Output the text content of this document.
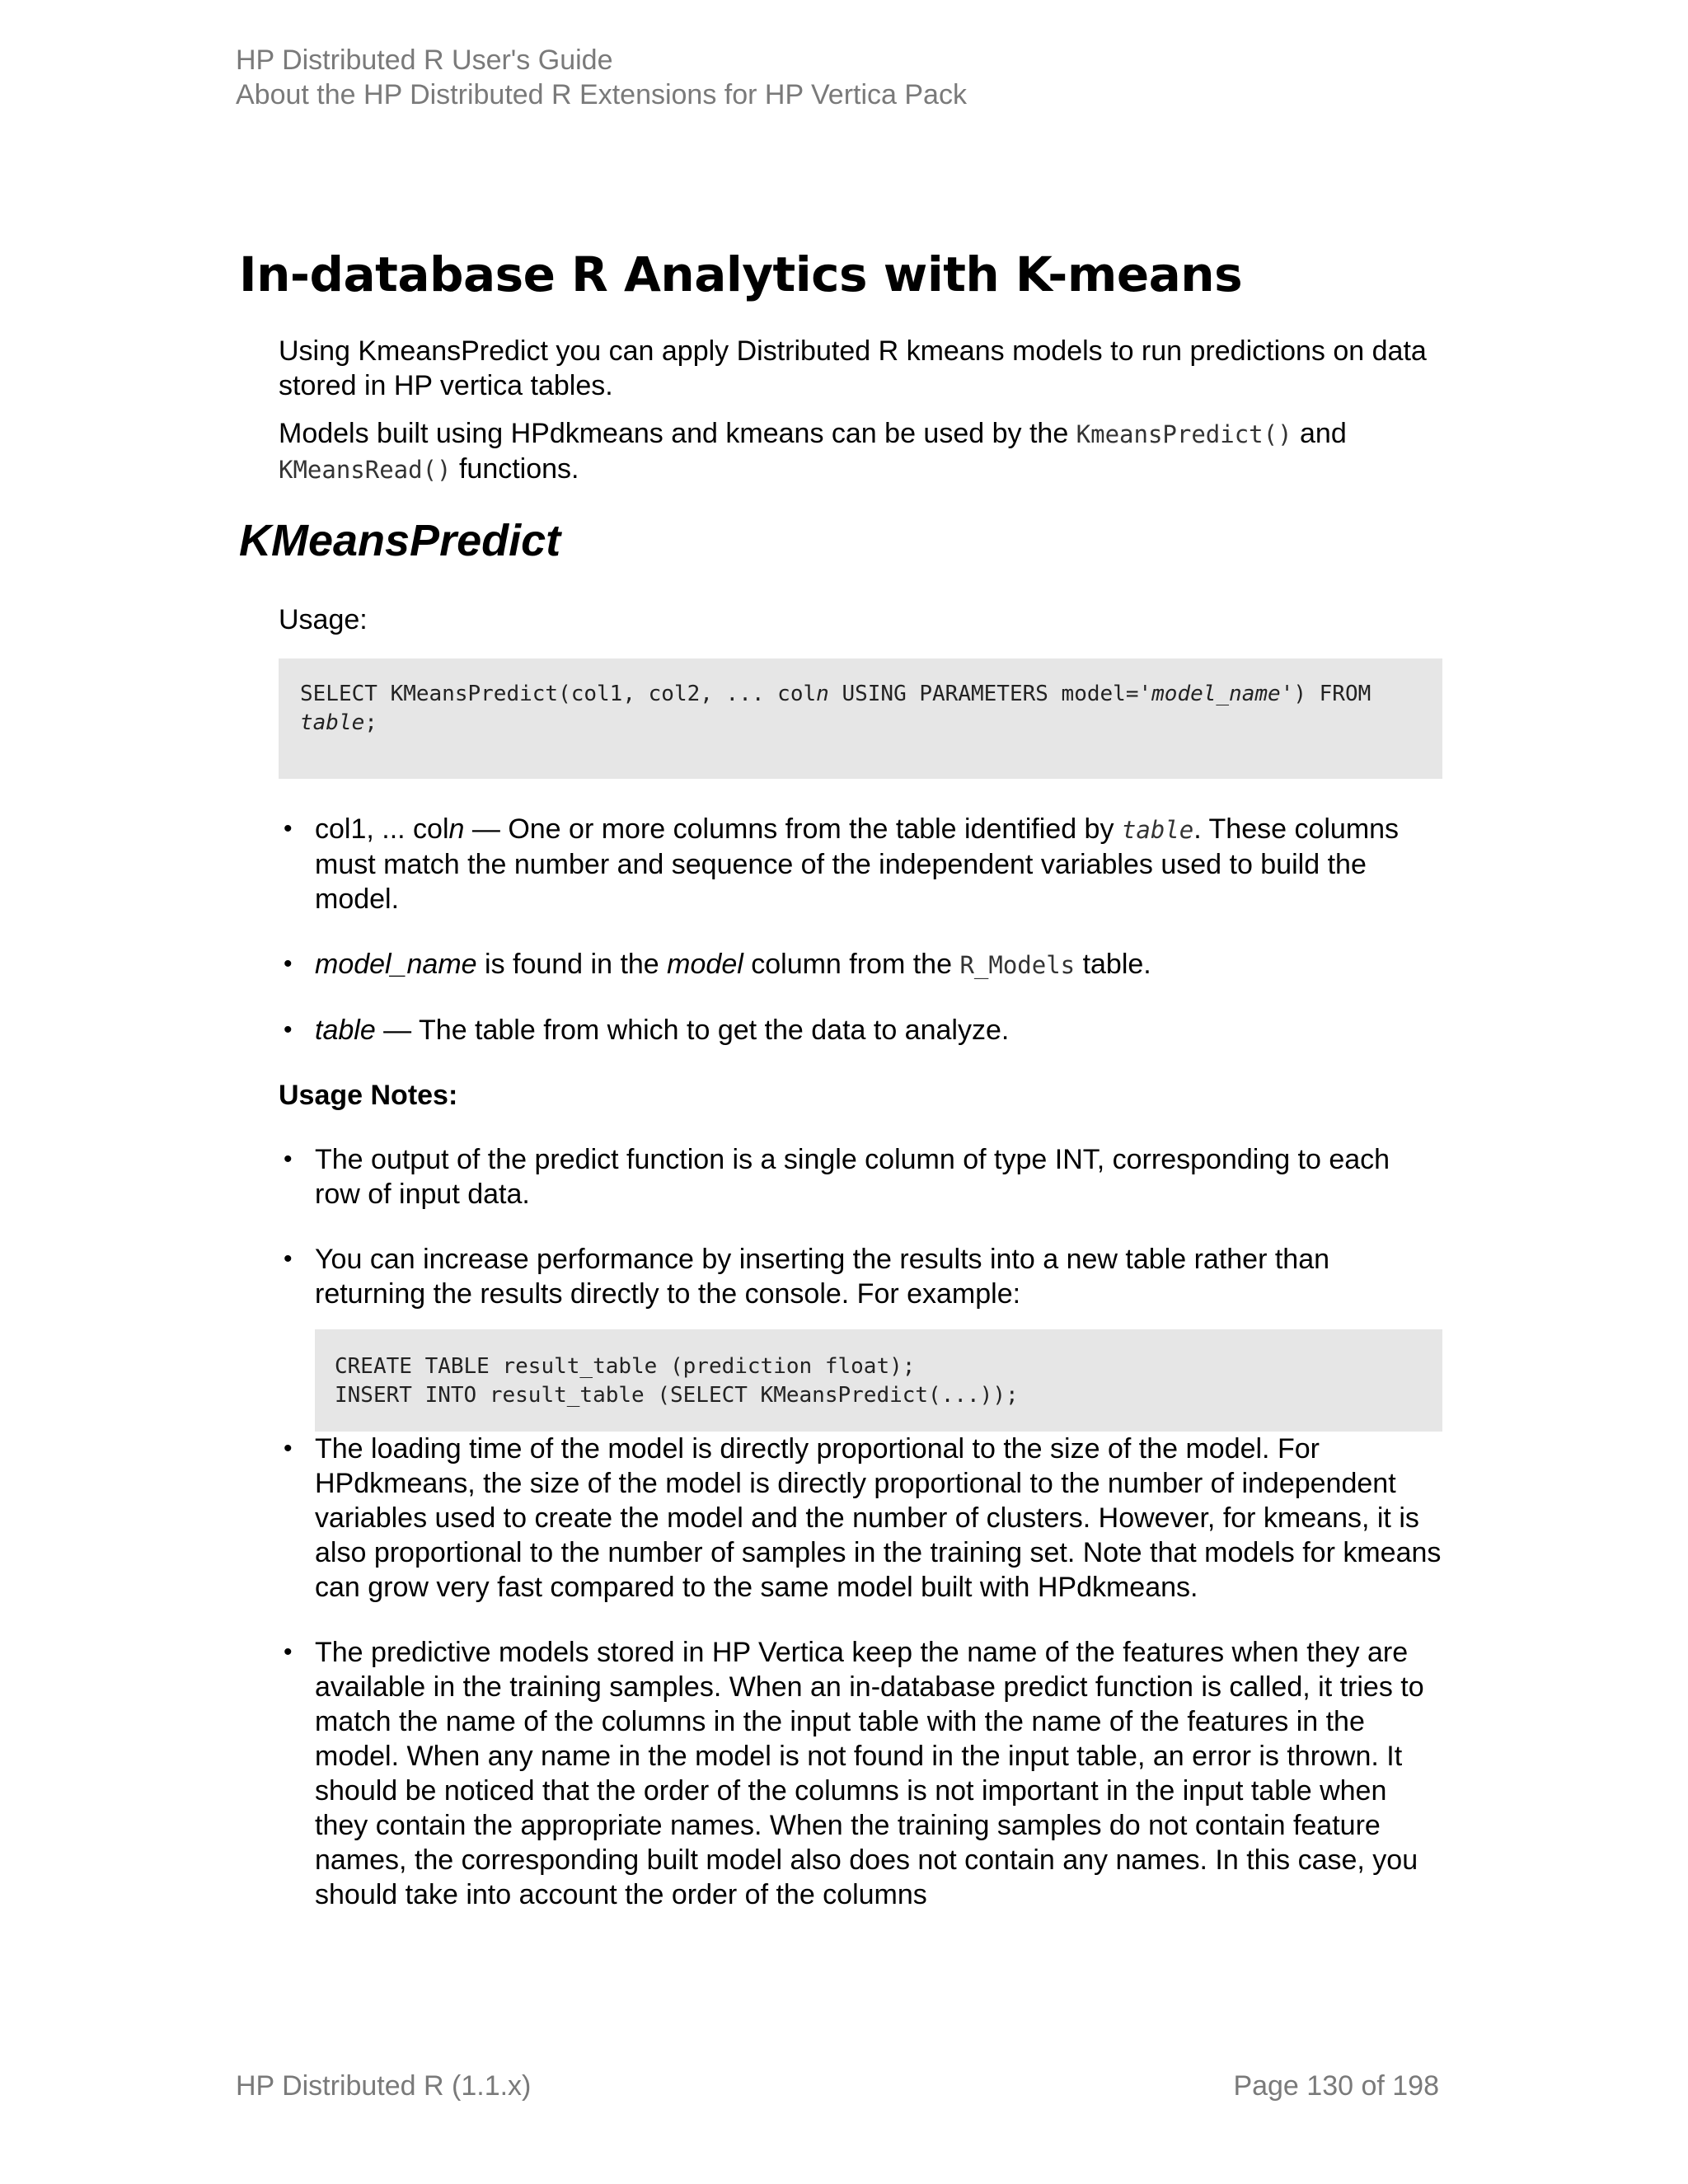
HP Distributed R User's Guide
About the HP Distributed R Extensions for HP Vertica Pack
In-database R Analytics with K-means

Using KmeansPredict you can apply Distributed R kmeans models to run predictions on data stored in HP vertica tables.

Models built using HPdkmeans and kmeans can be used by the KmeansPredict() and KMeansRead() functions.

KMeansPredict

Usage:

SELECT KMeansPredict(col1, col2, ... coln USING PARAMETERS model='model_name') FROM
table;
• col1, ... coln — One or more columns from the table identified by table. These columns must match the number and sequence of the independent variables used to build the model.
• model_name is found in the model column from the R_Models table.
• table — The table from which to get the data to analyze.

Usage Notes:

• The output of the predict function is a single column of type INT, corresponding to each row of input data.
• You can increase performance by inserting the results into a new table rather than returning the results directly to the console. For example:
CREATE TABLE result_table (prediction float);
INSERT INTO result_table (SELECT KMeansPredict(...));
• The loading time of the model is directly proportional to the size of the model. For HPdkmeans, the size of the model is directly proportional to the number of independent variables used to create the model and the number of clusters. However, for kmeans, it is also proportional to the number of samples in the training set. Note that models for kmeans can grow very fast compared to the same model built with HPdkmeans.
• The predictive models stored in HP Vertica keep the name of the features when they are available in the training samples. When an in-database predict function is called, it tries to match the name of the columns in the input table with the name of the features in the model. When any name in the model is not found in the input table, an error is thrown. It should be noticed that the order of the columns is not important in the input table when they contain the appropriate names. When the training samples do not contain feature names, the corresponding built model also does not contain any names. In this case, you should take into account the order of the columns
HP Distributed R (1.1.x)	Page 130 of 198
